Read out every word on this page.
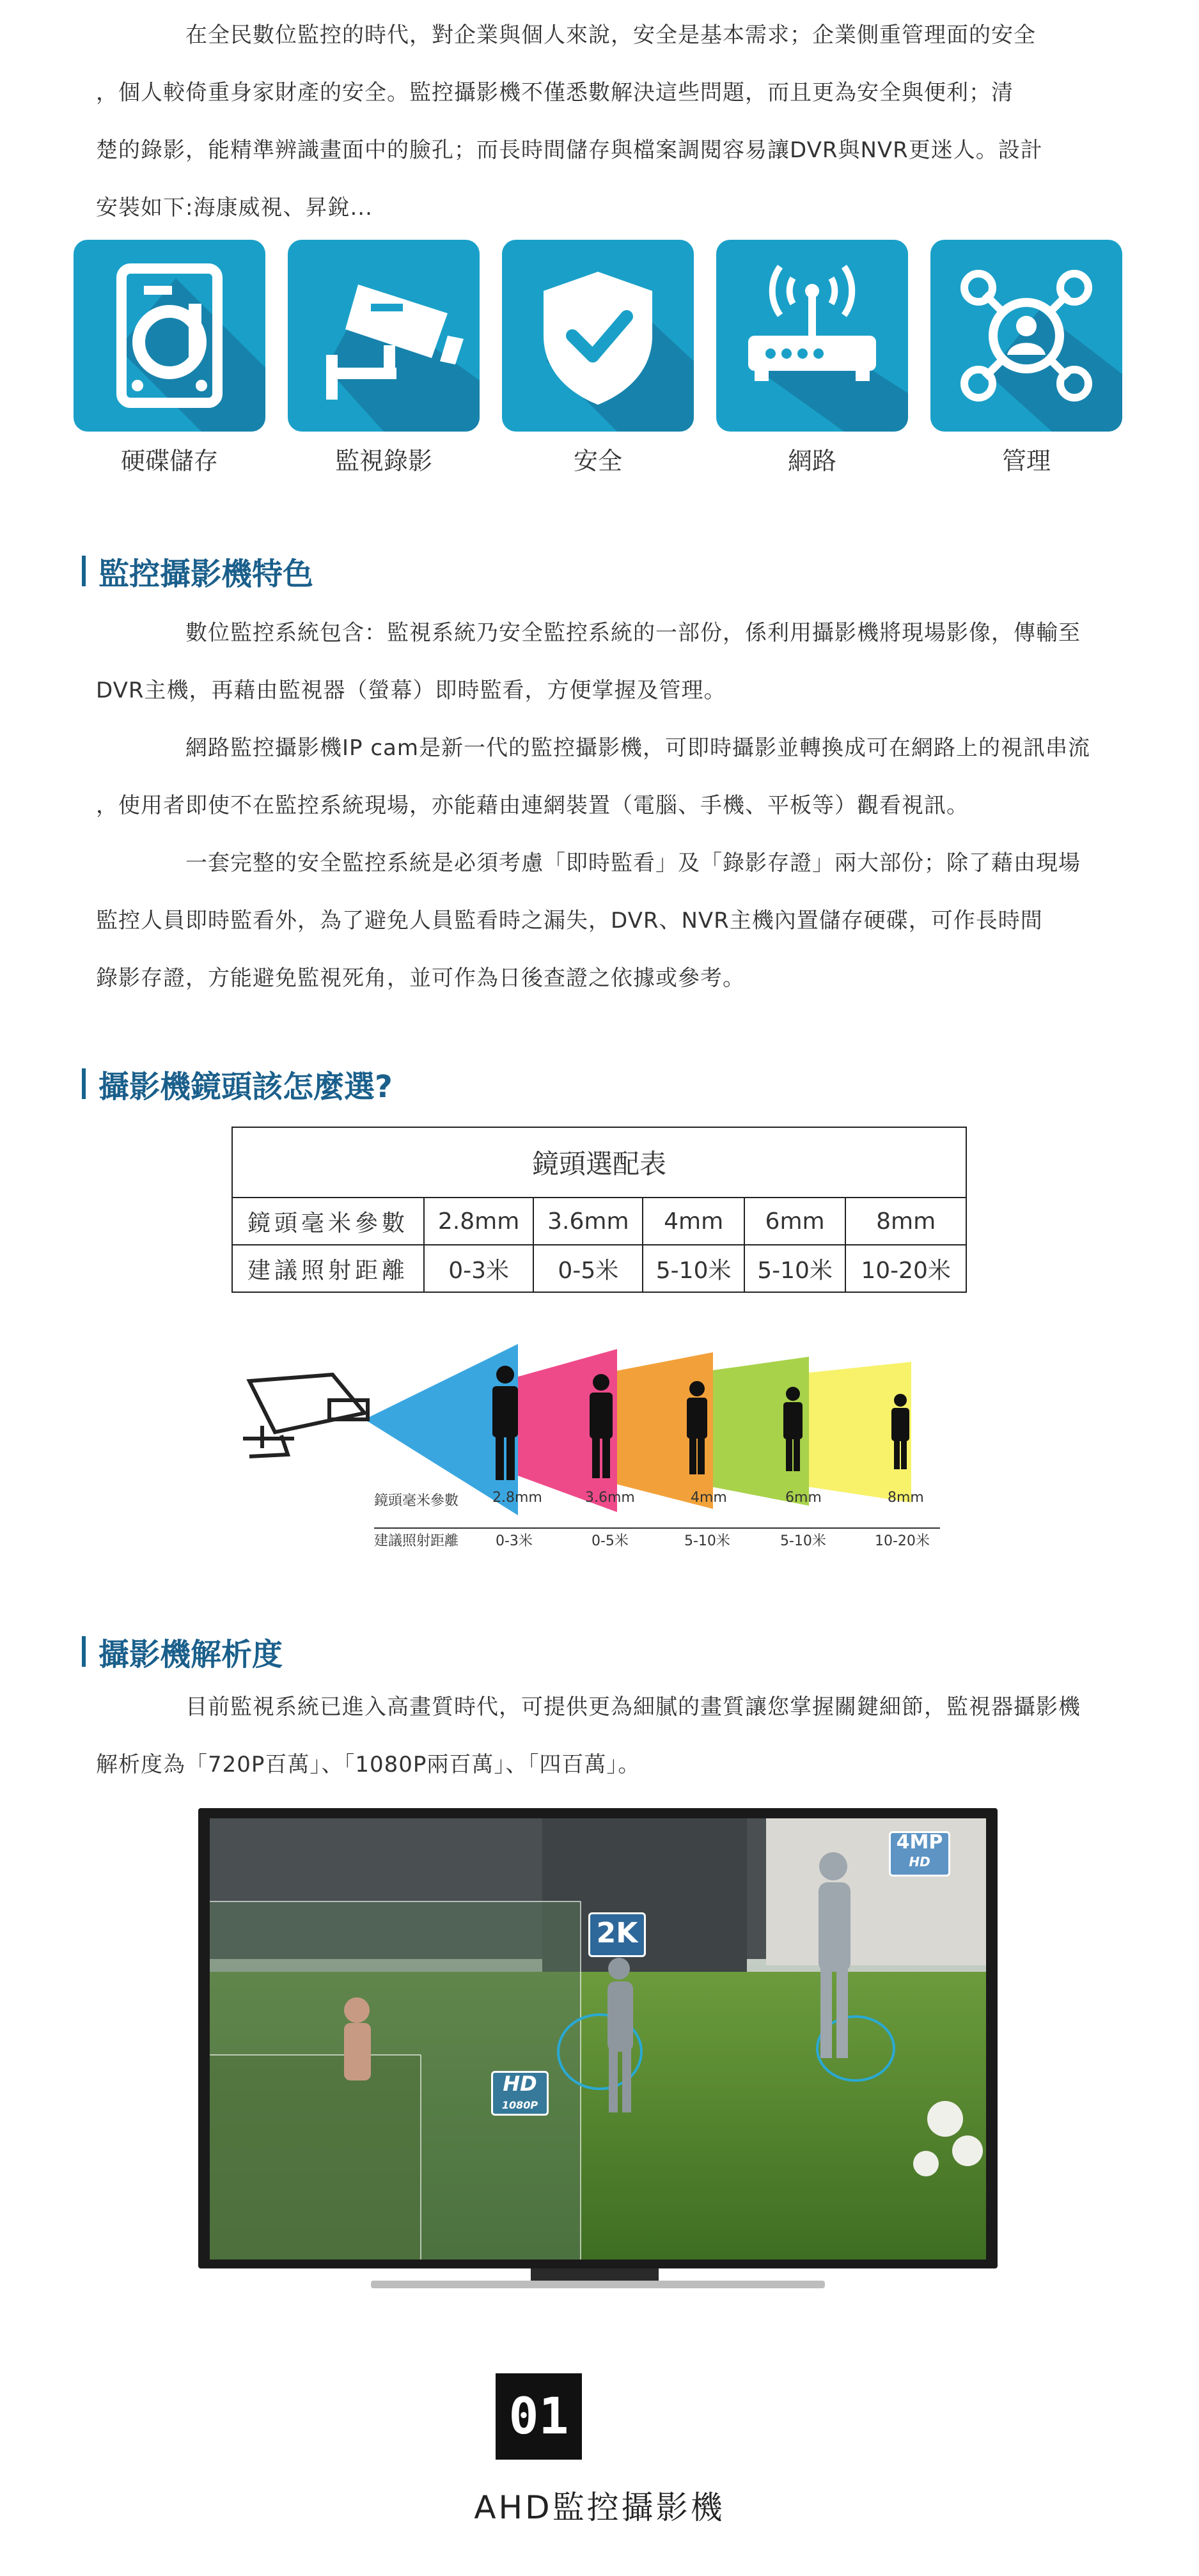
在全民數位監控的時代，對企業與個人來說，安全是基本需求；企業側重管理面的安全
，個人較倚重身家財產的安全。監控攝影機不僅悉數解決這些問題，而且更為安全與便利；清
楚的錄影，能精準辨識畫面中的臉孔；而長時間儲存與檔案調閱容易讓DVR與NVR更迷人。設計
安裝如下:海康威視、昇銳...
硬碟儲存	監視錄影	安全	網路	管理
監控攝影機特色
數位監控系統包含：監視系統乃安全監控系統的一部份，係利用攝影機將現場影像，傳輸至
DVR主機，再藉由監視器（螢幕）即時監看，方便掌握及管理。
網路監控攝影機IP cam是新一代的監控攝影機，可即時攝影並轉換成可在網路上的視訊串流
，使用者即使不在監控系統現場，亦能藉由連網裝置（電腦、手機、平板等）觀看視訊。
一套完整的安全監控系統是必須考慮「即時監看」及「錄影存證」兩大部份；除了藉由現場
監控人員即時監看外，為了避免人員監看時之漏失，DVR、NVR主機內置儲存硬碟，可作長時間
錄影存證，方能避免監視死角，並可作為日後查證之依據或參考。
攝影機鏡頭該怎麼選?
鏡頭選配表					
鏡頭毫米參數	2.8mm	3.6mm	4mm	6mm	8mm
建議照射距離	0-3米	0-5米	5-10米	5-10米	10-20米
鏡頭毫米參數
建議照射距離
2.8mm	3.6mm	4mm	6mm	8mm
0-3米	0-5米	5-10米	5-10米	10-20米
攝影機解析度
目前監視系統已進入高畫質時代，可提供更為細膩的畫質讓您掌握關鍵細節，監視器攝影機
解析度為「720P百萬」、「1080P兩百萬」、「四百萬」。
4MP
HD
2K
HD
1080P
01
AHD監控攝影機
